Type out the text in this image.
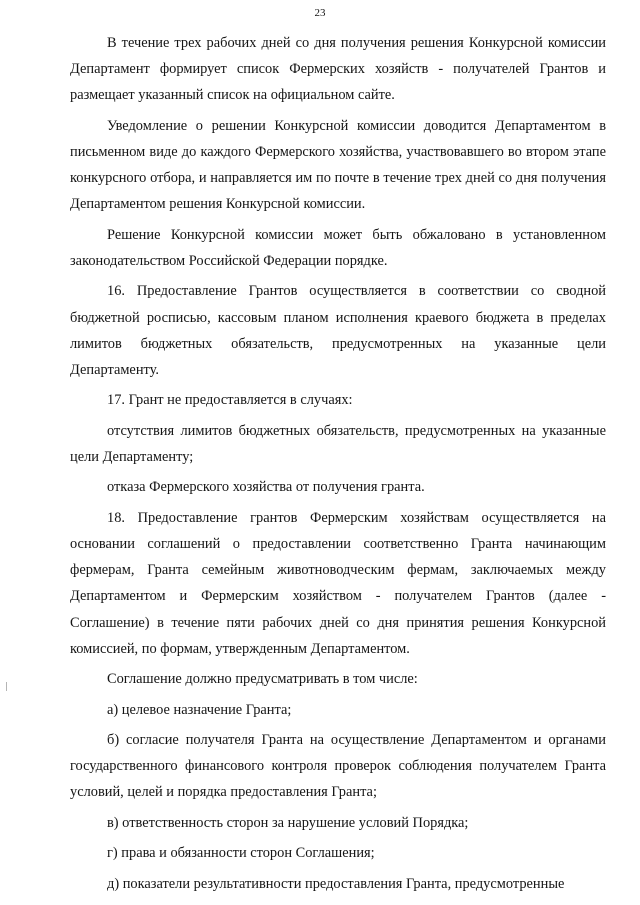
23

В течение трех рабочих дней со дня получения решения Конкурсной комиссии Департамент формирует список Фермерских хозяйств - получателей Грантов и размещает указанный список на официальном сайте.

Уведомление о решении Конкурсной комиссии доводится Департаментом в письменном виде до каждого Фермерского хозяйства, участвовавшего во втором этапе конкурсного отбора, и направляется им по почте в течение трех дней со дня получения Департаментом решения Конкурсной комиссии.

Решение Конкурсной комиссии может быть обжаловано в установленном законодательством Российской Федерации порядке.

16. Предоставление Грантов осуществляется в соответствии со сводной бюджетной росписью, кассовым планом исполнения краевого бюджета в пределах лимитов бюджетных обязательств, предусмотренных на указанные цели Департаменту.

17. Грант не предоставляется в случаях:

отсутствия лимитов бюджетных обязательств, предусмотренных на указанные цели Департаменту;

отказа Фермерского хозяйства от получения гранта.

18. Предоставление грантов Фермерским хозяйствам осуществляется на основании соглашений о предоставлении соответственно Гранта начинающим фермерам, Гранта семейным животноводческим фермам, заключаемых между Департаментом и Фермерским хозяйством - получателем Грантов (далее - Соглашение) в течение пяти рабочих дней со дня принятия решения Конкурсной комиссией, по формам, утвержденным Департаментом.

Соглашение должно предусматривать в том числе:

а) целевое назначение Гранта;

б) согласие получателя Гранта на осуществление Департаментом и органами государственного финансового контроля проверок соблюдения получателем Гранта условий, целей и порядка предоставления Гранта;

в) ответственность сторон за нарушение условий Порядка;

г) права и обязанности сторон Соглашения;

д) показатели результативности предоставления Гранта, предусмотренные
